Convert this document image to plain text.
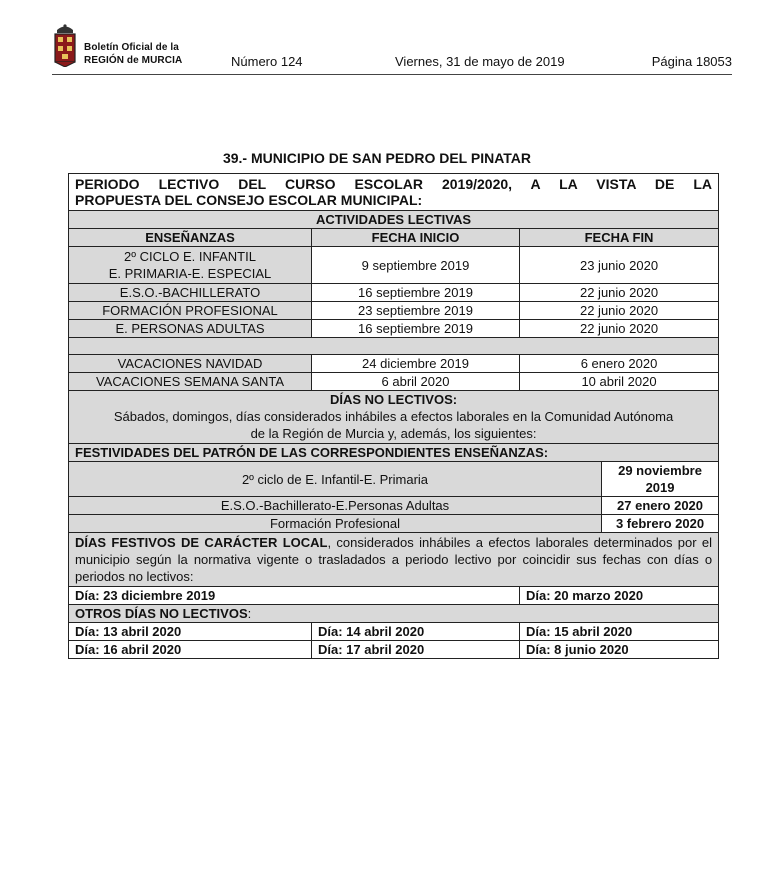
Boletín Oficial de la
REGIÓN de MURCIA	Número 124	Viernes, 31 de mayo de 2019	Página 18053
39.- MUNICIPIO DE SAN PEDRO DEL PINATAR
PERIODO LECTIVO DEL CURSO ESCOLAR 2019/2020, A LA VISTA DE LA
PROPUESTA DEL CONSEJO ESCOLAR MUNICIPAL:			

ACTIVIDADES LECTIVAS			
ENSEÑANZAS	FECHA INICIO	FECHA FIN	

2º CICLO E. INFANTIL
E. PRIMARIA-E. ESPECIAL	9 septiembre 2019	23 junio 2020	
E.S.O.-BACHILLERATO	16 septiembre 2019	22 junio 2020	
FORMACIÓN PROFESIONAL	23 septiembre 2019	22 junio 2020	
E. PERSONAS ADULTAS	16 septiembre 2019	22 junio 2020	

VACACIONES NAVIDAD	24 diciembre 2019	6 enero 2020	
VACACIONES SEMANA SANTA	6 abril 2020	10 abril 2020	

DÍAS NO LECTIVOS:
Sábados, domingos, días considerados inhábiles a efectos laborales en la Comunidad Autónoma
de la Región de Murcia y, además, los siguientes:			

FESTIVIDADES DEL PATRÓN DE LAS CORRESPONDIENTES ENSEÑANZAS:			
2º ciclo de E. Infantil-E. Primaria			29 noviembre 2019
E.S.O.-Bachillerato-E.Personas Adultas			27 enero 2020
Formación Profesional			3 febrero 2020
DÍAS FESTIVOS DE CARÁCTER LOCAL, considerados inhábiles a efectos laborales determinados por el municipio según la normativa vigente o trasladados a periodo lectivo por coincidir sus fechas con días o periodos no lectivos:			
Día: 23 diciembre 2019		Día: 20 marzo 2020	
OTROS DÍAS NO LECTIVOS:			
Día: 13 abril 2020	Día: 14 abril 2020	Día: 15 abril 2020	
Día: 16 abril 2020	Día: 17 abril 2020	Día: 8 junio 2020	
